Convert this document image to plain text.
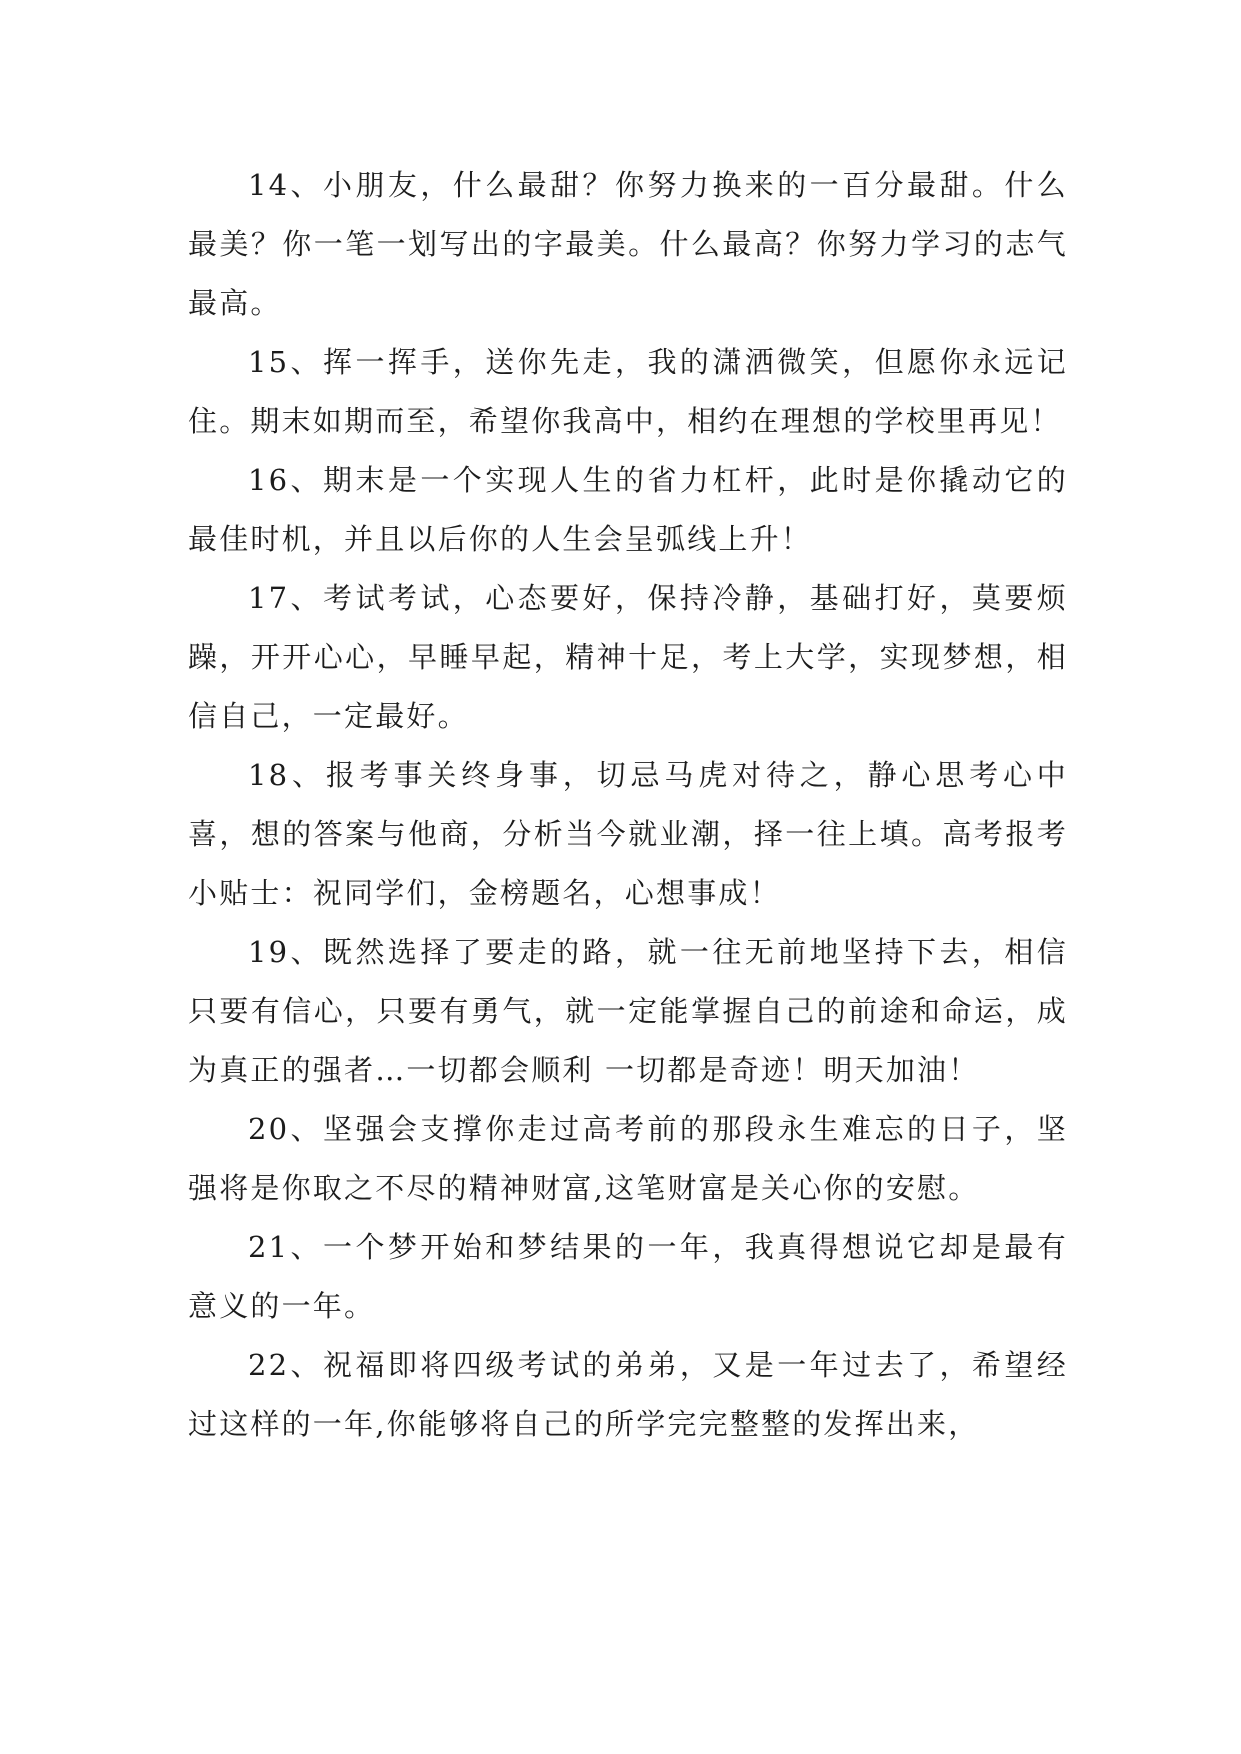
14、小朋友，什么最甜？你努力换来的一百分最甜。什么最美？你一笔一划写出的字最美。什么最高？你努力学习的志气最高。

15、挥一挥手，送你先走，我的潇洒微笑，但愿你永远记住。期末如期而至，希望你我高中，相约在理想的学校里再见！

16、期末是一个实现人生的省力杠杆，此时是你撬动它的最佳时机，并且以后你的人生会呈弧线上升！

17、考试考试，心态要好，保持冷静，基础打好，莫要烦躁，开开心心，早睡早起，精神十足，考上大学，实现梦想，相信自己，一定最好。

18、报考事关终身事，切忌马虎对待之，静心思考心中喜，想的答案与他商，分析当今就业潮，择一往上填。高考报考小贴士：祝同学们，金榜题名，心想事成！

19、既然选择了要走的路，就一往无前地坚持下去，相信只要有信心，只要有勇气，就一定能掌握自己的前途和命运，成为真正的强者…一切都会顺利 一切都是奇迹！明天加油！

20、坚强会支撑你走过高考前的那段永生难忘的日子，坚强将是你取之不尽的精神财富,这笔财富是关心你的安慰。

21、一个梦开始和梦结果的一年，我真得想说它却是最有意义的一年。

22、祝福即将四级考试的弟弟，又是一年过去了，希望经过这样的一年,你能够将自己的所学完完整整的发挥出来，
